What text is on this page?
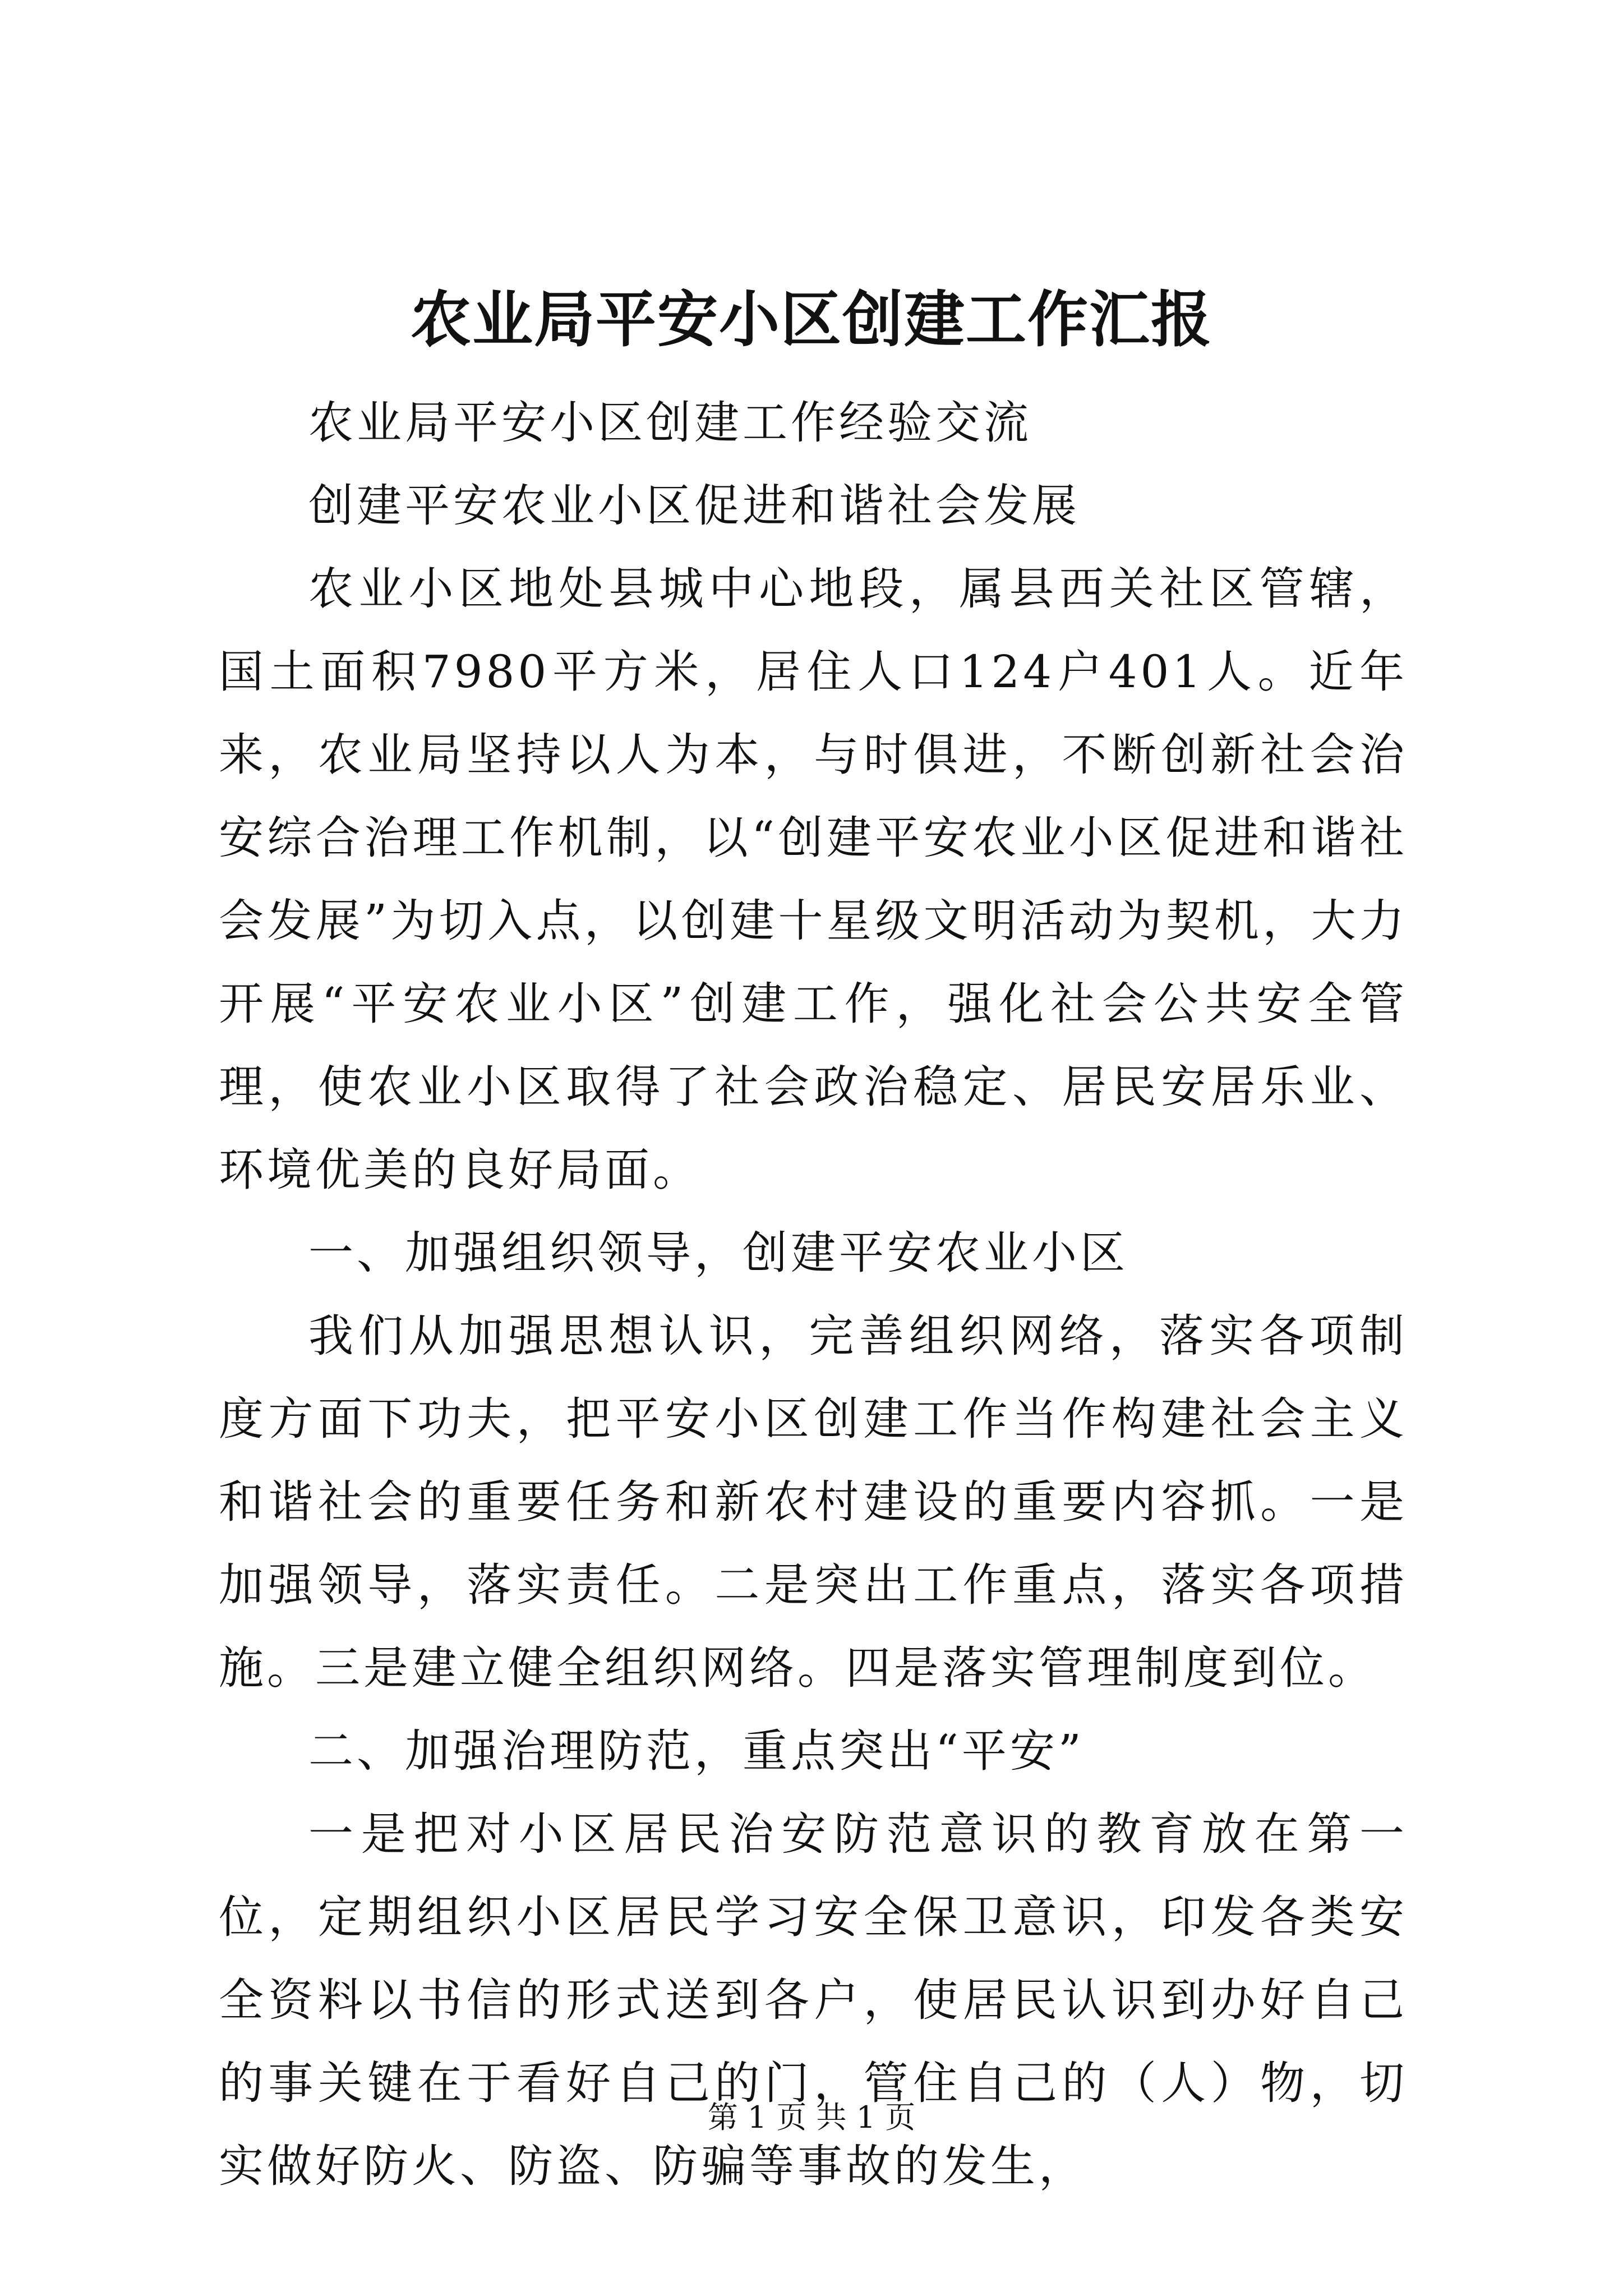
农业局平安小区创建工作汇报

农业局平安小区创建工作经验交流

创建平安农业小区促进和谐社会发展

农业小区地处县城中心地段，属县西关社区管辖，国土面积7980平方米，居住人口124户401人。近年来，农业局坚持以人为本，与时俱进，不断创新社会治安综合治理工作机制，以“创建平安农业小区促进和谐社会发展”为切入点，以创建十星级文明活动为契机，大力开展“平安农业小区”创建工作，强化社会公共安全管理，使农业小区取得了社会政治稳定、居民安居乐业、环境优美的良好局面。

一、加强组织领导，创建平安农业小区

我们从加强思想认识，完善组织网络，落实各项制度方面下功夫，把平安小区创建工作当作构建社会主义和谐社会的重要任务和新农村建设的重要内容抓。一是加强领导，落实责任。二是突出工作重点，落实各项措施。三是建立健全组织网络。四是落实管理制度到位。

二、加强治理防范，重点突出“平安”

一是把对小区居民治安防范意识的教育放在第一位，定期组织小区居民学习安全保卫意识，印发各类安全资料以书信的形式送到各户，使居民认识到办好自己的事关键在于看好自己的门，管住自己的（人）物，切实做好防火、防盗、防骗等事故的发生，

第 1 页 共 1 页
